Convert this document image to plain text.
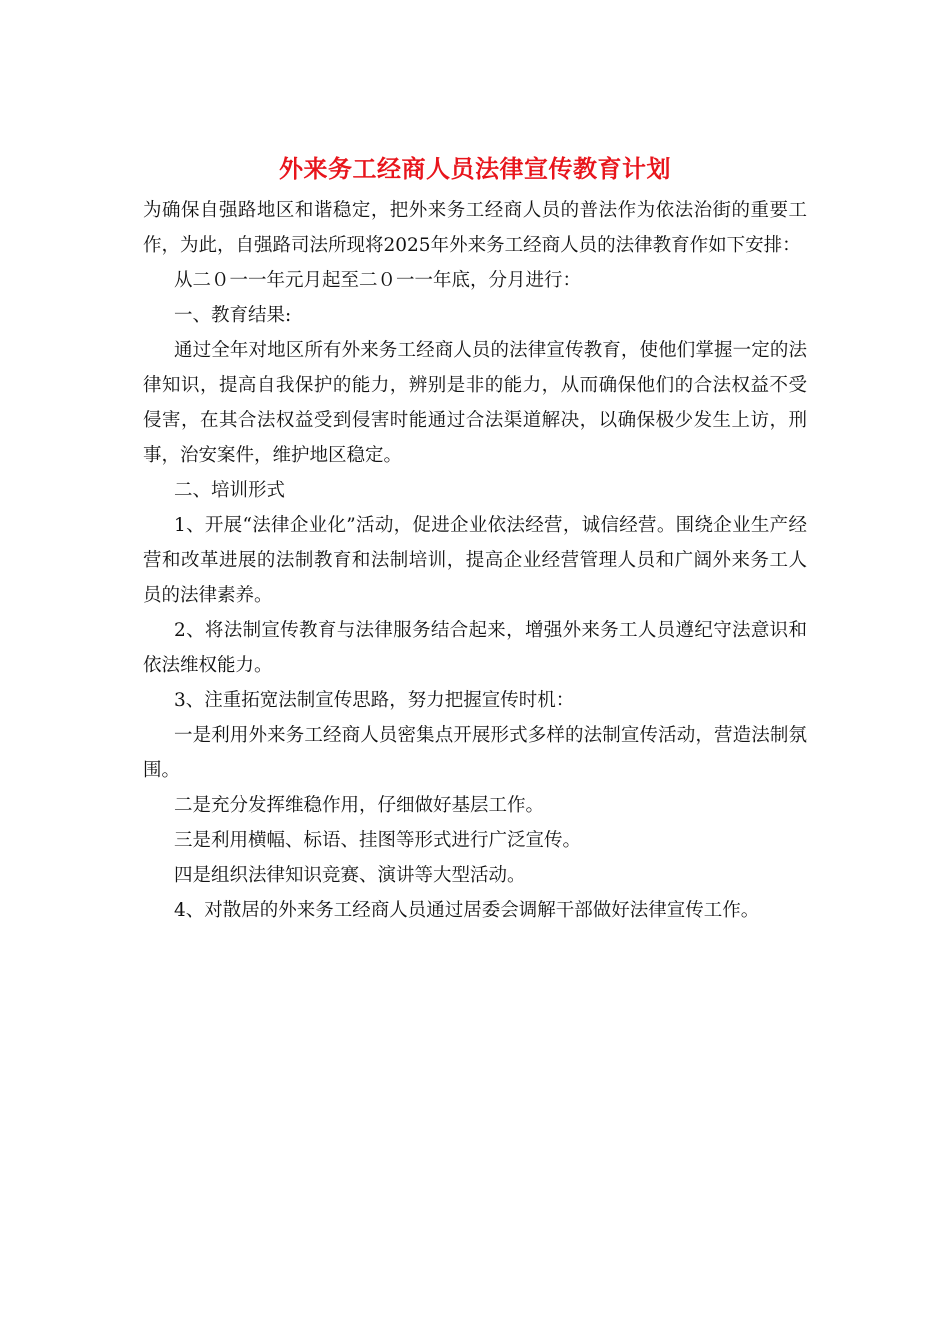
外来务工经商人员法律宣传教育计划

为确保自强路地区和谐稳定，把外来务工经商人员的普法作为依法治街的重要工作，为此，自强路司法所现将2025年外来务工经商人员的法律教育作如下安排：

从二０一一年元月起至二０一一年底，分月进行：

一、教育结果:

通过全年对地区所有外来务工经商人员的法律宣传教育，使他们掌握一定的法律知识，提高自我保护的能力，辨别是非的能力，从而确保他们的合法权益不受侵害，在其合法权益受到侵害时能通过合法渠道解决，以确保极少发生上访，刑事，治安案件，维护地区稳定。

二、培训形式

1、开展“法律企业化”活动，促进企业依法经营，诚信经营。围绕企业生产经营和改革进展的法制教育和法制培训，提高企业经营管理人员和广阔外来务工人员的法律素养。

2、将法制宣传教育与法律服务结合起来，增强外来务工人员遵纪守法意识和依法维权能力。

3、注重拓宽法制宣传思路，努力把握宣传时机：

一是利用外来务工经商人员密集点开展形式多样的法制宣传活动，营造法制氛围。

二是充分发挥维稳作用，仔细做好基层工作。

三是利用横幅、标语、挂图等形式进行广泛宣传。

四是组织法律知识竞赛、演讲等大型活动。

4、对散居的外来务工经商人员通过居委会调解干部做好法律宣传工作。
